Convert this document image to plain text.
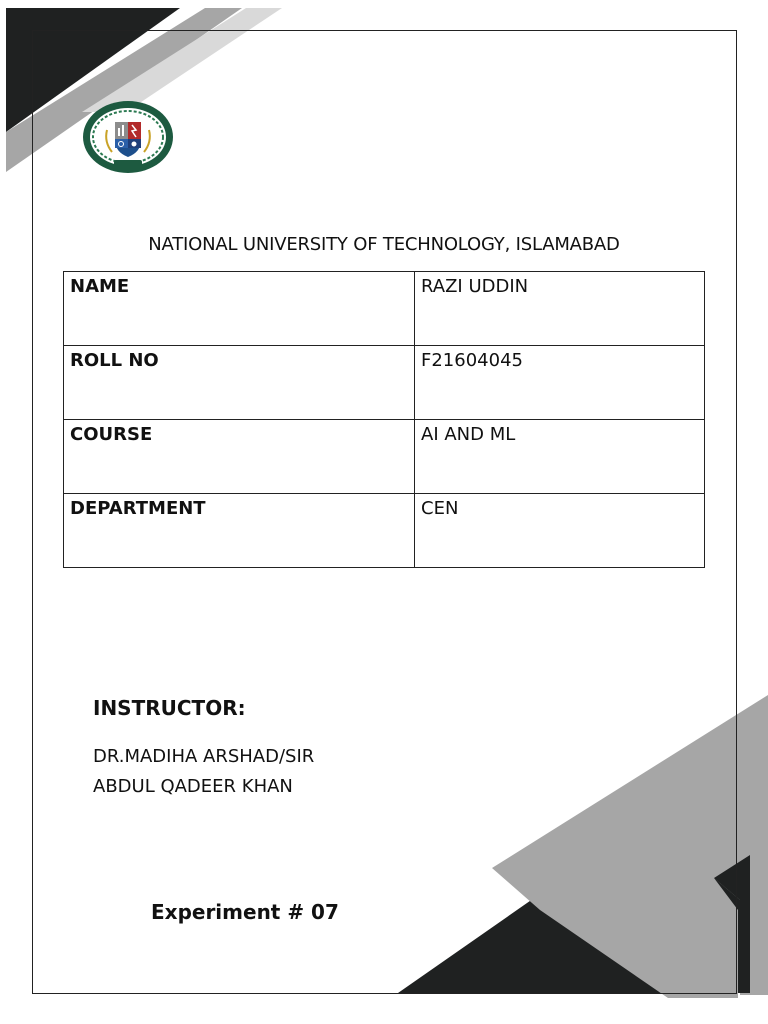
NATIONAL UNIVERSITY OF TECHNOLOGY, ISLAMABAD
NAME	RAZI UDDIN
ROLL NO	F21604045
COURSE	AI AND ML
DEPARTMENT	CEN
INSTRUCTOR:

DR.MADIHA ARSHAD/SIR

ABDUL QADEER KHAN

Experiment # 07
